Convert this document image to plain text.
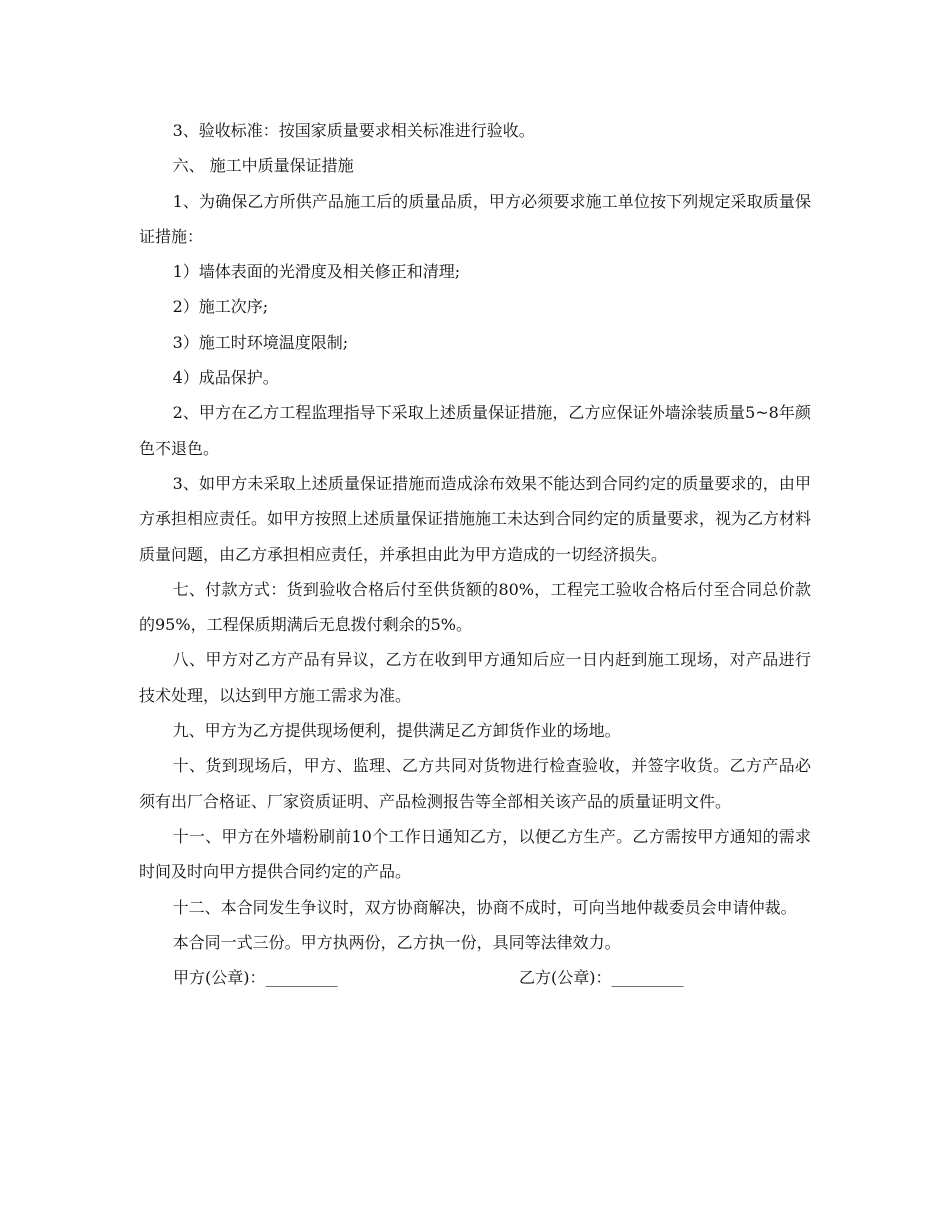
3、验收标准：按国家质量要求相关标准进行验收。

六、 施工中质量保证措施

1、为确保乙方所供产品施工后的质量品质，甲方必须要求施工单位按下列规定采取质量保证措施：

1）墙体表面的光滑度及相关修正和清理;

2）施工次序;

3）施工时环境温度限制;

4）成品保护。

2、甲方在乙方工程监理指导下采取上述质量保证措施，乙方应保证外墙涂装质量5~8年颜色不退色。

3、如甲方未采取上述质量保证措施而造成涂布效果不能达到合同约定的质量要求的，由甲方承担相应责任。如甲方按照上述质量保证措施施工未达到合同约定的质量要求，视为乙方材料质量问题，由乙方承担相应责任，并承担由此为甲方造成的一切经济损失。

七、付款方式：货到验收合格后付至供货额的80%，工程完工验收合格后付至合同总价款的95%，工程保质期满后无息拨付剩余的5%。

八、甲方对乙方产品有异议，乙方在收到甲方通知后应一日内赶到施工现场，对产品进行技术处理，以达到甲方施工需求为准。

九、甲方为乙方提供现场便利，提供满足乙方卸货作业的场地。

十、货到现场后，甲方、监理、乙方共同对货物进行检查验收，并签字收货。乙方产品必须有出厂合格证、厂家资质证明、产品检测报告等全部相关该产品的质量证明文件。

十一、甲方在外墙粉刷前10个工作日通知乙方，以便乙方生产。乙方需按甲方通知的需求时间及时向甲方提供合同约定的产品。

十二、本合同发生争议时，双方协商解决，协商不成时，可向当地仲裁委员会申请仲裁。

本合同一式三份。甲方执两份，乙方执一份，具同等法律效力。

甲方(公章)：_________	乙方(公章)：_________
